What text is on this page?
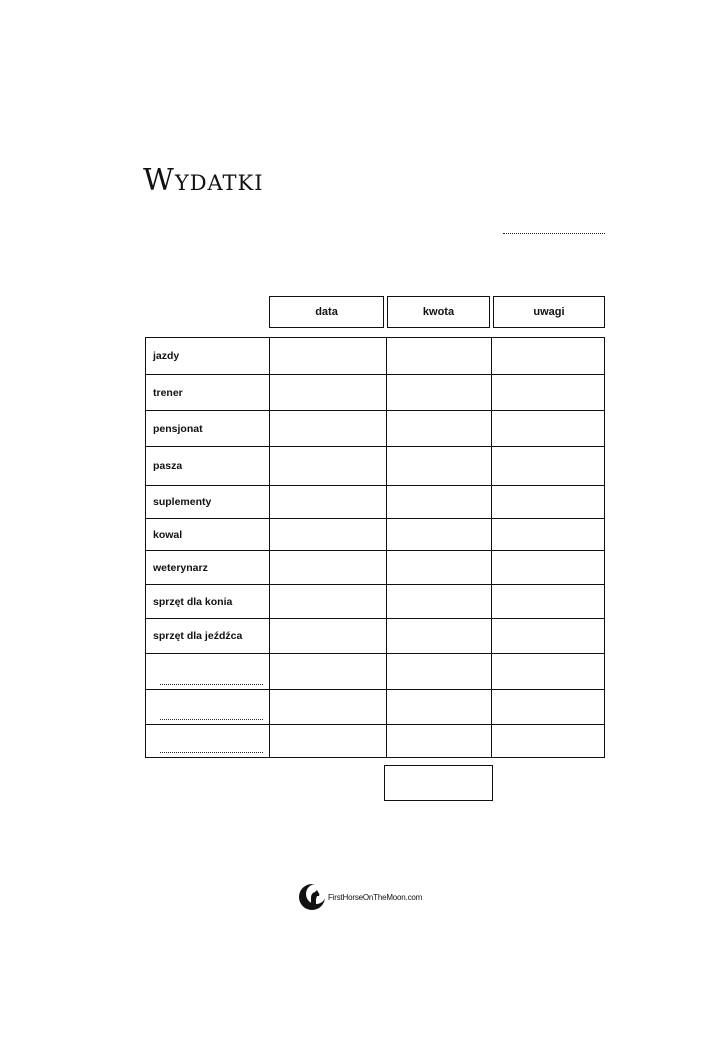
Wydatki
data	kwota	uwagi
jazdy
trener
pensjonat
pasza
suplementy
kowal
weterynarz
sprzęt dla konia
sprzęt dla jeźdźca
FirstHorseOnTheMoon.com
